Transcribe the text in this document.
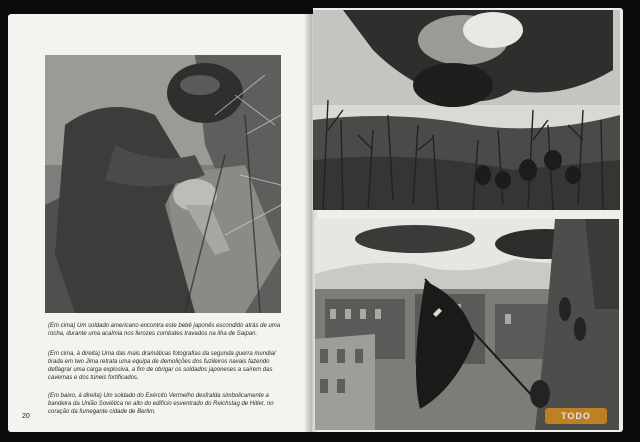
(Em cima) Um soldado americano encontra este bebê japonês escondido atrás de uma rocha, durante uma acalmia nos ferozes combates travados na ilha de Saipan.

(Em cima, à direita) Uma das mais dramáticas fotografias da segunda guerra mundial tirada em Iwo Jima retrata uma equipa de demolições dos fuzileiros navais fazendo deflagrar uma carga explosiva, a fim de obrigar os soldados japoneses a saírem das cavernas e dos túneis fortificados.

(Em baixo, à direita) Um soldado do Exército Vermelho desfralda simbolicamente a bandeira da União Soviética no alto do edifício esventrado do Reichstag de Hitler, no coração da fumegante cidade de Berlim.

20	TODO
